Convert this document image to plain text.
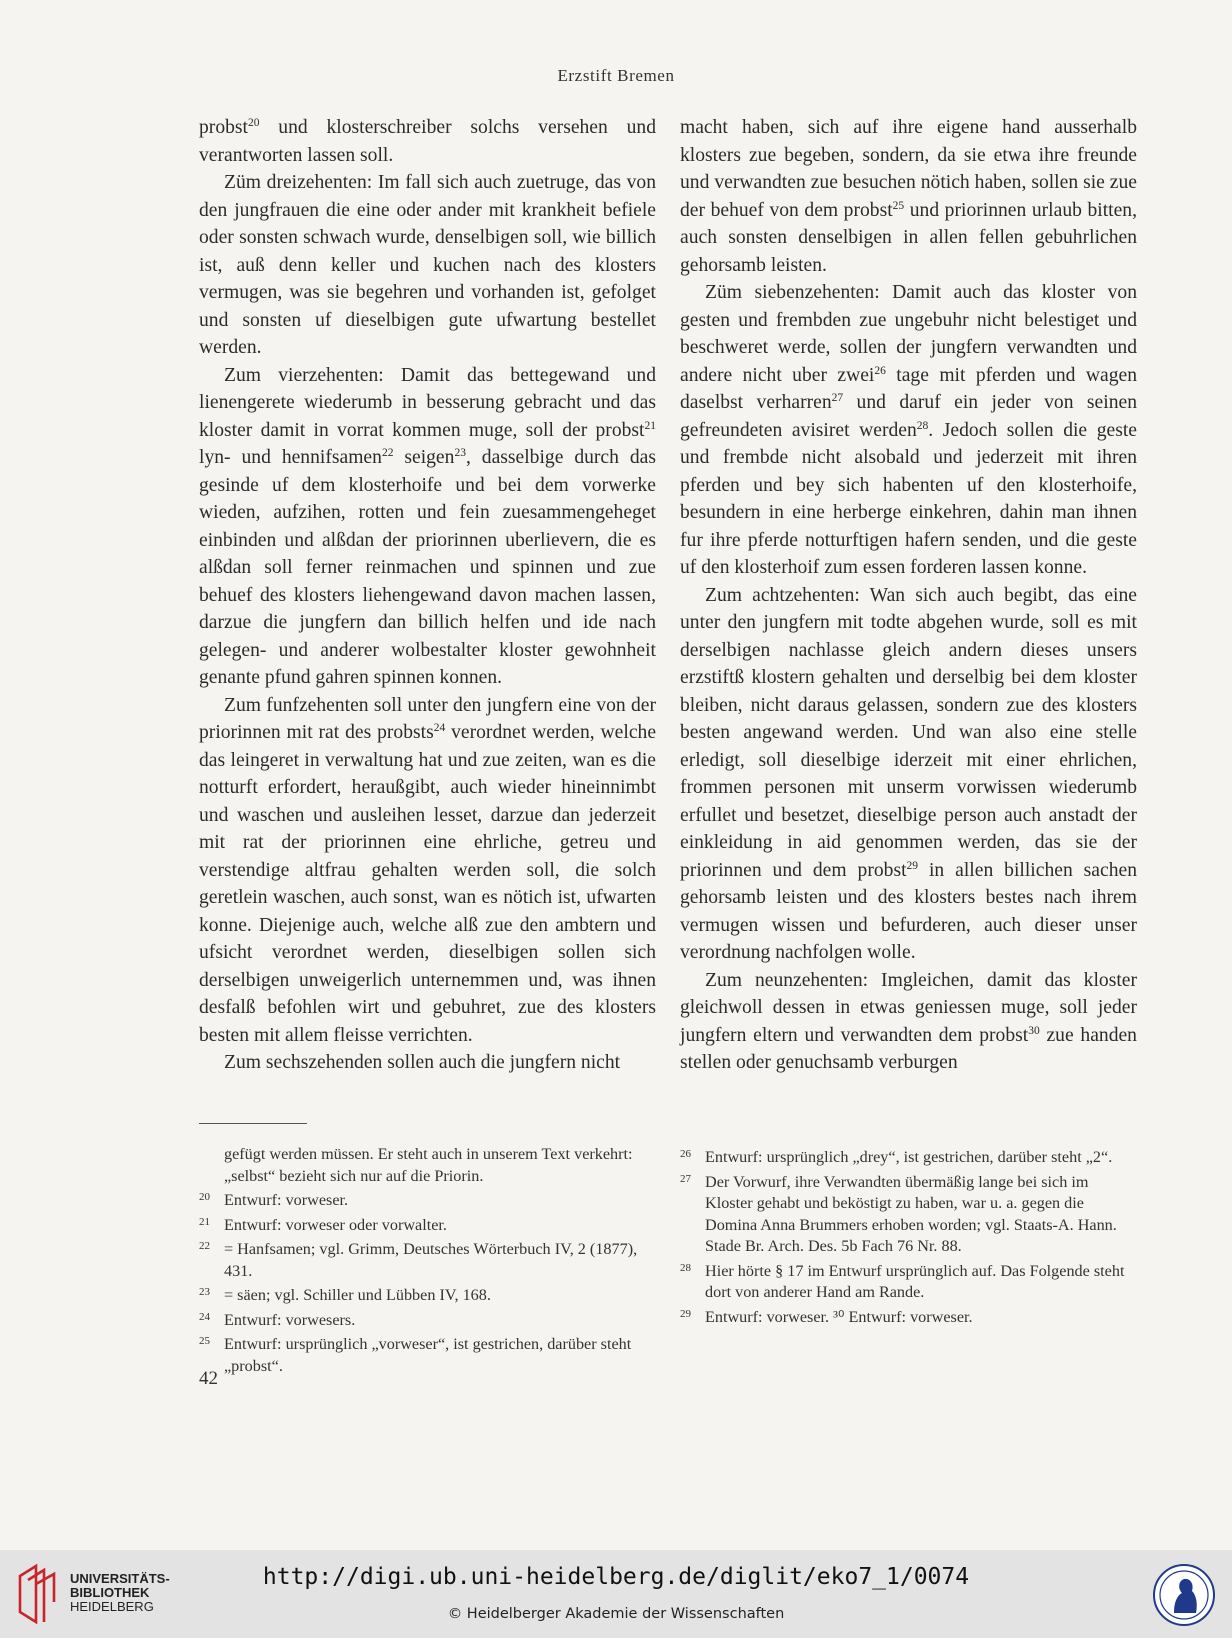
Erzstift Bremen

probst$^{20}$ und klosterschreiber solchs versehen und verantworten lassen soll.

Züm dreizehenten: Im fall sich auch zuetruge, das von den jungfrauen die eine oder ander mit krankheit befiele oder sonsten schwach wurde, denselbigen soll, wie billich ist, auß denn keller und kuchen nach des klosters vermugen, was sie begehren und vorhanden ist, gefolget und sonsten uf dieselbigen gute ufwartung bestellet werden.

Zum vierzehenten: Damit das bettegewand und lienengerete wiederumb in besserung gebracht und das kloster damit in vorrat kommen muge, soll der probst$^{21}$ lyn- und hennifsamen$^{22}$ seigen$^{23}$, dasselbige durch das gesinde uf dem klosterhoife und bei dem vorwerke wieden, aufzihen, rotten und fein zuesammengeheget einbinden und alßdan der priorinnen uberlievern, die es alßdan soll ferner reinmachen und spinnen und zue behuef des klosters liehengewand davon machen lassen, darzue die jungfern dan billich helfen und ide nach gelegen- und anderer wolbestalter kloster gewohnheit genante pfund gahren spinnen konnen.

Zum funfzehenten soll unter den jungfern eine von der priorinnen mit rat des probsts$^{24}$ verordnet werden, welche das leingeret in verwaltung hat und zue zeiten, wan es die notturft erfordert, heraußgibt, auch wieder hineinnimbt und waschen und ausleihen lesset, darzue dan jederzeit mit rat der priorinnen eine ehrliche, getreu und verstendige altfrau gehalten werden soll, die solch geretlein waschen, auch sonst, wan es nötich ist, ufwarten konne. Diejenige auch, welche alß zue den ambtern und ufsicht verordnet werden, dieselbigen sollen sich derselbigen unweigerlich unternemmen und, was ihnen desfalß befohlen wirt und gebuhret, zue des klosters besten mit allem fleisse verrichten.

Zum sechszehenden sollen auch die jungfern nicht

macht haben, sich auf ihre eigene hand ausserhalb klosters zue begeben, sondern, da sie etwa ihre freunde und verwandten zue besuchen nötich haben, sollen sie zue der behuef von dem probst$^{25}$ und priorinnen urlaub bitten, auch sonsten denselbigen in allen fellen gebuhrlichen gehorsamb leisten.

Züm siebenzehenten: Damit auch das kloster von gesten und frembden zue ungebuhr nicht belestiget und beschweret werde, sollen der jungfern verwandten und andere nicht uber zwei$^{26}$ tage mit pferden und wagen daselbst verharren$^{27}$ und daruf ein jeder von seinen gefreundeten avisiret werden$^{28}$. Jedoch sollen die geste und frembde nicht alsobald und jederzeit mit ihren pferden und bey sich habenten uf den klosterhoife, besundern in eine herberge einkehren, dahin man ihnen fur ihre pferde notturftigen hafern senden, und die geste uf den klosterhoif zum essen forderen lassen konne.

Zum achtzehenten: Wan sich auch begibt, das eine unter den jungfern mit todte abgehen wurde, soll es mit derselbigen nachlasse gleich andern dieses unsers erzstiftß klostern gehalten und derselbig bei dem kloster bleiben, nicht daraus gelassen, sondern zue des klosters besten angewand werden. Und wan also eine stelle erledigt, soll dieselbige iderzeit mit einer ehrlichen, frommen personen mit unserm vorwissen wiederumb erfullet und besetzet, dieselbige person auch anstadt der einkleidung in aid genommen werden, das sie der priorinnen und dem probst$^{29}$ in allen billichen sachen gehorsamb leisten und des klosters bestes nach ihrem vermugen wissen und befurderen, auch dieser unser verordnung nachfolgen wolle.

Zum neunzehenten: Imgleichen, damit das kloster gleichwoll dessen in etwas geniessen muge, soll jeder jungfern eltern und verwandten dem probst$^{30}$ zue handen stellen oder genuchsamb verburgen

gefügt werden müssen. Er steht auch in unserem Text verkehrt: „selbst“ bezieht sich nur auf die Priorin.

20 Entwurf: vorweser.

21 Entwurf: vorweser oder vorwalter.

22 = Hanfsamen; vgl. Grimm, Deutsches Wörterbuch IV, 2 (1877), 431.

23 = säen; vgl. Schiller und Lübben IV, 168.

24 Entwurf: vorwesers.

25 Entwurf: ursprünglich „vorweser“, ist gestrichen, darüber steht „probst“.

26 Entwurf: ursprünglich „drey“, ist gestrichen, darüber steht „2“.

27 Der Vorwurf, ihre Verwandten übermäßig lange bei sich im Kloster gehabt und beköstigt zu haben, war u. a. gegen die Domina Anna Brummers erhoben worden; vgl. Staats-A. Hann. Stade Br. Arch. Des. 5b Fach 76 Nr. 88.

28 Hier hörte § 17 im Entwurf ursprünglich auf. Das Folgende steht dort von anderer Hand am Rande.

29 Entwurf: vorweser. ³⁰ Entwurf: vorweser.

42
UNIVERSITÄTS-
BIBLIOTHEK
HEIDELBERG
http://digi.ub.uni-heidelberg.de/diglit/eko7_1/0074
© Heidelberger Akademie der Wissenschaften
